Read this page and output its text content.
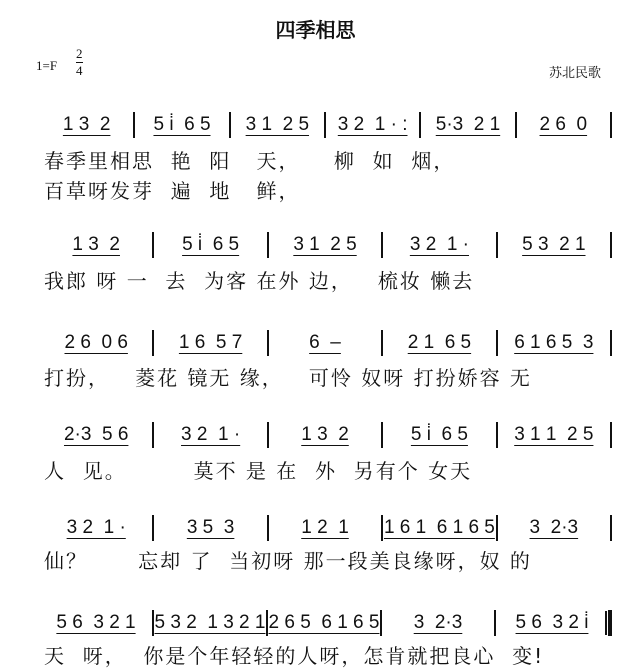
四季相思
$1=F \frac{2}{4}$	苏北民歌
1 3  2	5 i̇  6 5	3 1  2 5	3 2  1 · :	5·3  2 1	2 6  0
春季里相思  艳  阳   天，    柳  如  烟，
百草呀发芽  遍  地   鲜，
1 3  2	5 i̇  6 5	3 1  2 5	3 2  1 ·	5 3  2 1
我郎 呀 一  去  为客 在外 边，   梳妆 懒去
2 6  0 6	1 6  5 7	6  –	2 1  6 5	6 1 6 5  3
打扮，   菱花 镜无 缘，   可怜 奴呀 打扮娇容 无
2·3  5 6	3 2  1 ·	1 3  2	5 i̇  6 5	3 1 1  2 5
人  见。        莫不 是 在  外  另有个 女天
3 2  1 ·	3 5  3	1 2  1	1 6 1  6 1 6 5	3  2·3
仙？      忘却 了  当初呀 那一段美良缘呀，奴 的
5 6  3 2 1 5 3 2  1 3 2 1 2 6 5  6 1 6 5	3  2·3	5 6  3 2 i̇
天  呀，  你是个年轻轻的人呀，怎肯就把良心  变!
